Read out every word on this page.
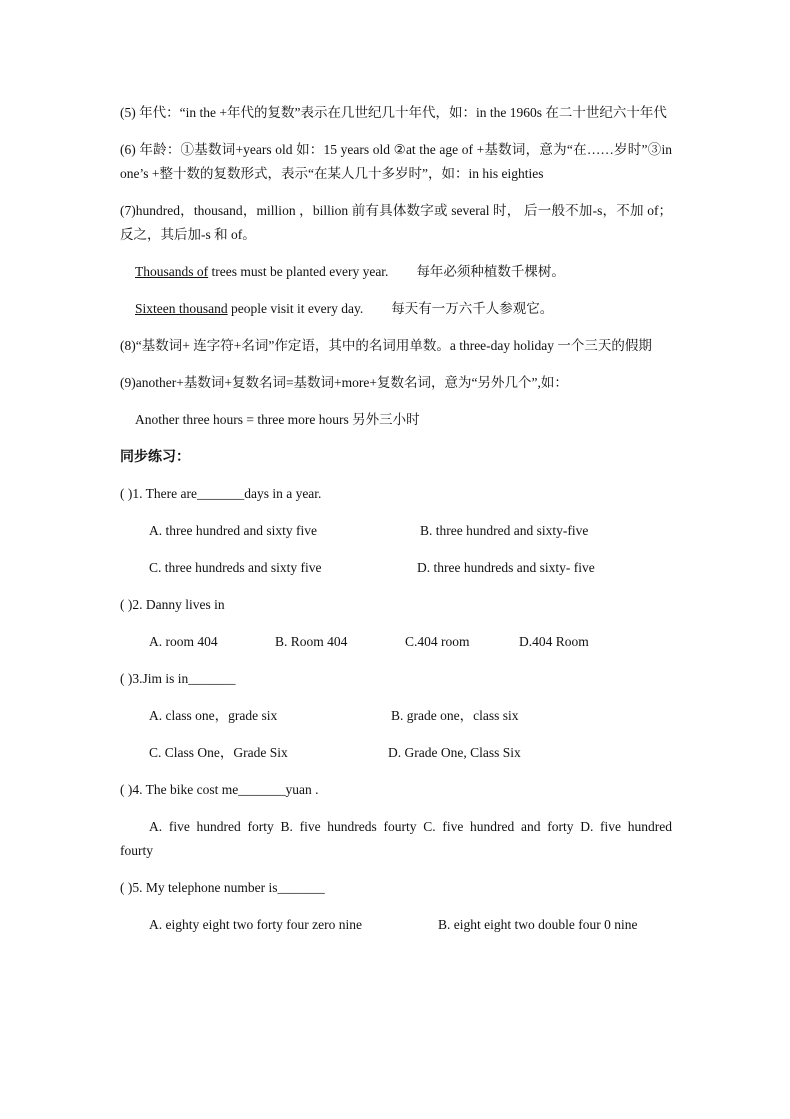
(5) 年代：“in the +年代的复数”表示在几世纪几十年代，如：in the 1960s 在二十世纪六十年代
(6) 年龄：①基数词+years old 如：15 years old ②at the age of +基数词，意为“在……岁时”③in one’s +整十数的复数形式，表示“在某人几十多岁时”，如：in his eighties
(7)hundred，thousand，million ，billion 前有具体数字或 several 时， 后一般不加-s，不加 of；反之，其后加-s 和 of。
Thousands of trees must be planted every year. 每年必须种植数千棵树。
Sixteen thousand people visit it every day. 每天有一万六千人参观它。
(8)“基数词+ 连字符+名词”作定语，其中的名词用单数。a three-day holiday 一个三天的假期
(9)another+基数词+复数名词=基数词+more+复数名词，意为“另外几个”,如：
Another three hours = three more hours 另外三小时
同步练习：
( )1. There are_______days in a year.
A. three hundred and sixty five	B. three hundred and sixty-five
C. three hundreds and sixty five	D. three hundreds and sixty- five
( )2. Danny lives in
A. room 404	B. Room 404	C.404 room	D.404 Room
( )3.Jim is in_______
A. class one，grade six	B. grade one，class six
C. Class One，Grade Six	D. Grade One, Class Six
( )4. The bike cost me_______yuan .
A. five hundred forty B. five hundreds fourty C. five hundred and forty D. five hundred fourty
( )5. My telephone number is_______
A. eighty eight two forty four zero nine	B. eight eight two double four 0 nine
